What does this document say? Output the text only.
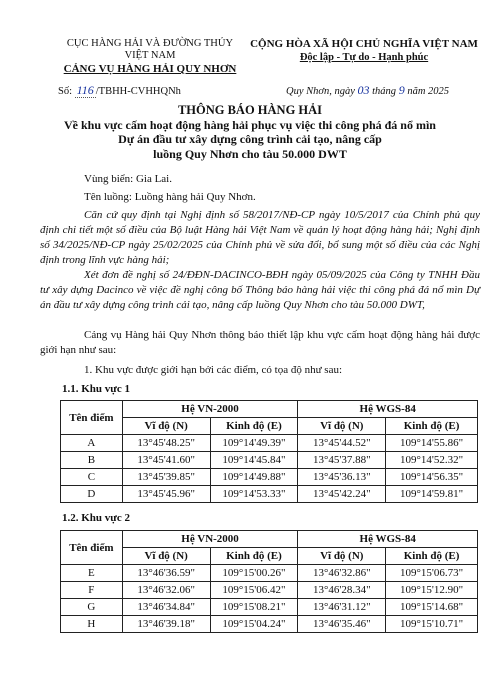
CỤC HÀNG HẢI VÀ ĐƯỜNG THỦY
VIỆT NAM
CẢNG VỤ HÀNG HẢI QUY NHƠN
CỘNG HÒA XÃ HỘI CHỦ NGHĨA VIỆT NAM
Độc lập - Tự do - Hạnh phúc
Số: 116 /TBHH-CVHHQNh	Quy Nhơn, ngày 03 tháng 9 năm 2025
THÔNG BÁO HÀNG HẢI
Về khu vực cấm hoạt động hàng hải phục vụ việc thi công phá đá nổ mìn
Dự án đầu tư xây dựng công trình cải tạo, nâng cấp
luồng Quy Nhơn cho tàu 50.000 DWT
Vùng biển: Gia Lai.
Tên luồng: Luồng hàng hải Quy Nhơn.
Căn cứ quy định tại Nghị định số 58/2017/NĐ-CP ngày 10/5/2017 của Chính phủ quy định chi tiết một số điều của Bộ luật Hàng hải Việt Nam về quản lý hoạt động hàng hải; Nghị định số 34/2025/NĐ-CP ngày 25/02/2025 của Chính phủ về sửa đổi, bổ sung một số điều của các Nghị định trong lĩnh vực hàng hải;
Xét đơn đề nghị số 24/ĐĐN-DACINCO-BĐH ngày 05/09/2025 của Công ty TNHH Đầu tư xây dựng Dacinco về việc đề nghị công bố Thông báo hàng hải việc thi công phá đá nổ mìn Dự án đầu tư xây dựng công trình cải tạo, nâng cấp luồng Quy Nhơn cho tàu 50.000 DWT,
Cảng vụ Hàng hải Quy Nhơn thông báo thiết lập khu vực cấm hoạt động hàng hải được giới hạn như sau:
1. Khu vực được giới hạn bởi các điểm, có tọa độ như sau:
1.1. Khu vực 1
Tên điểm	Hệ VN-2000		Hệ WGS-84	
	Vĩ độ (N)	Kinh độ (E)	Vĩ độ (N)	Kinh độ (E)
A	13°45'48.25"	109°14'49.39"	13°45'44.52"	109°14'55.86"
B	13°45'41.60"	109°14'45.84"	13°45'37.88"	109°14'52.32"
C	13°45'39.85"	109°14'49.88"	13°45'36.13"	109°14'56.35"
D	13°45'45.96"	109°14'53.33"	13°45'42.24"	109°14'59.81"
1.2. Khu vực 2
Tên điểm	Hệ VN-2000		Hệ WGS-84	
	Vĩ độ (N)	Kinh độ (E)	Vĩ độ (N)	Kinh độ (E)
E	13°46'36.59"	109°15'00.26"	13°46'32.86"	109°15'06.73"
F	13°46'32.06"	109°15'06.42"	13°46'28.34"	109°15'12.90"
G	13°46'34.84"	109°15'08.21"	13°46'31.12"	109°15'14.68"
H	13°46'39.18"	109°15'04.24"	13°46'35.46"	109°15'10.71"
